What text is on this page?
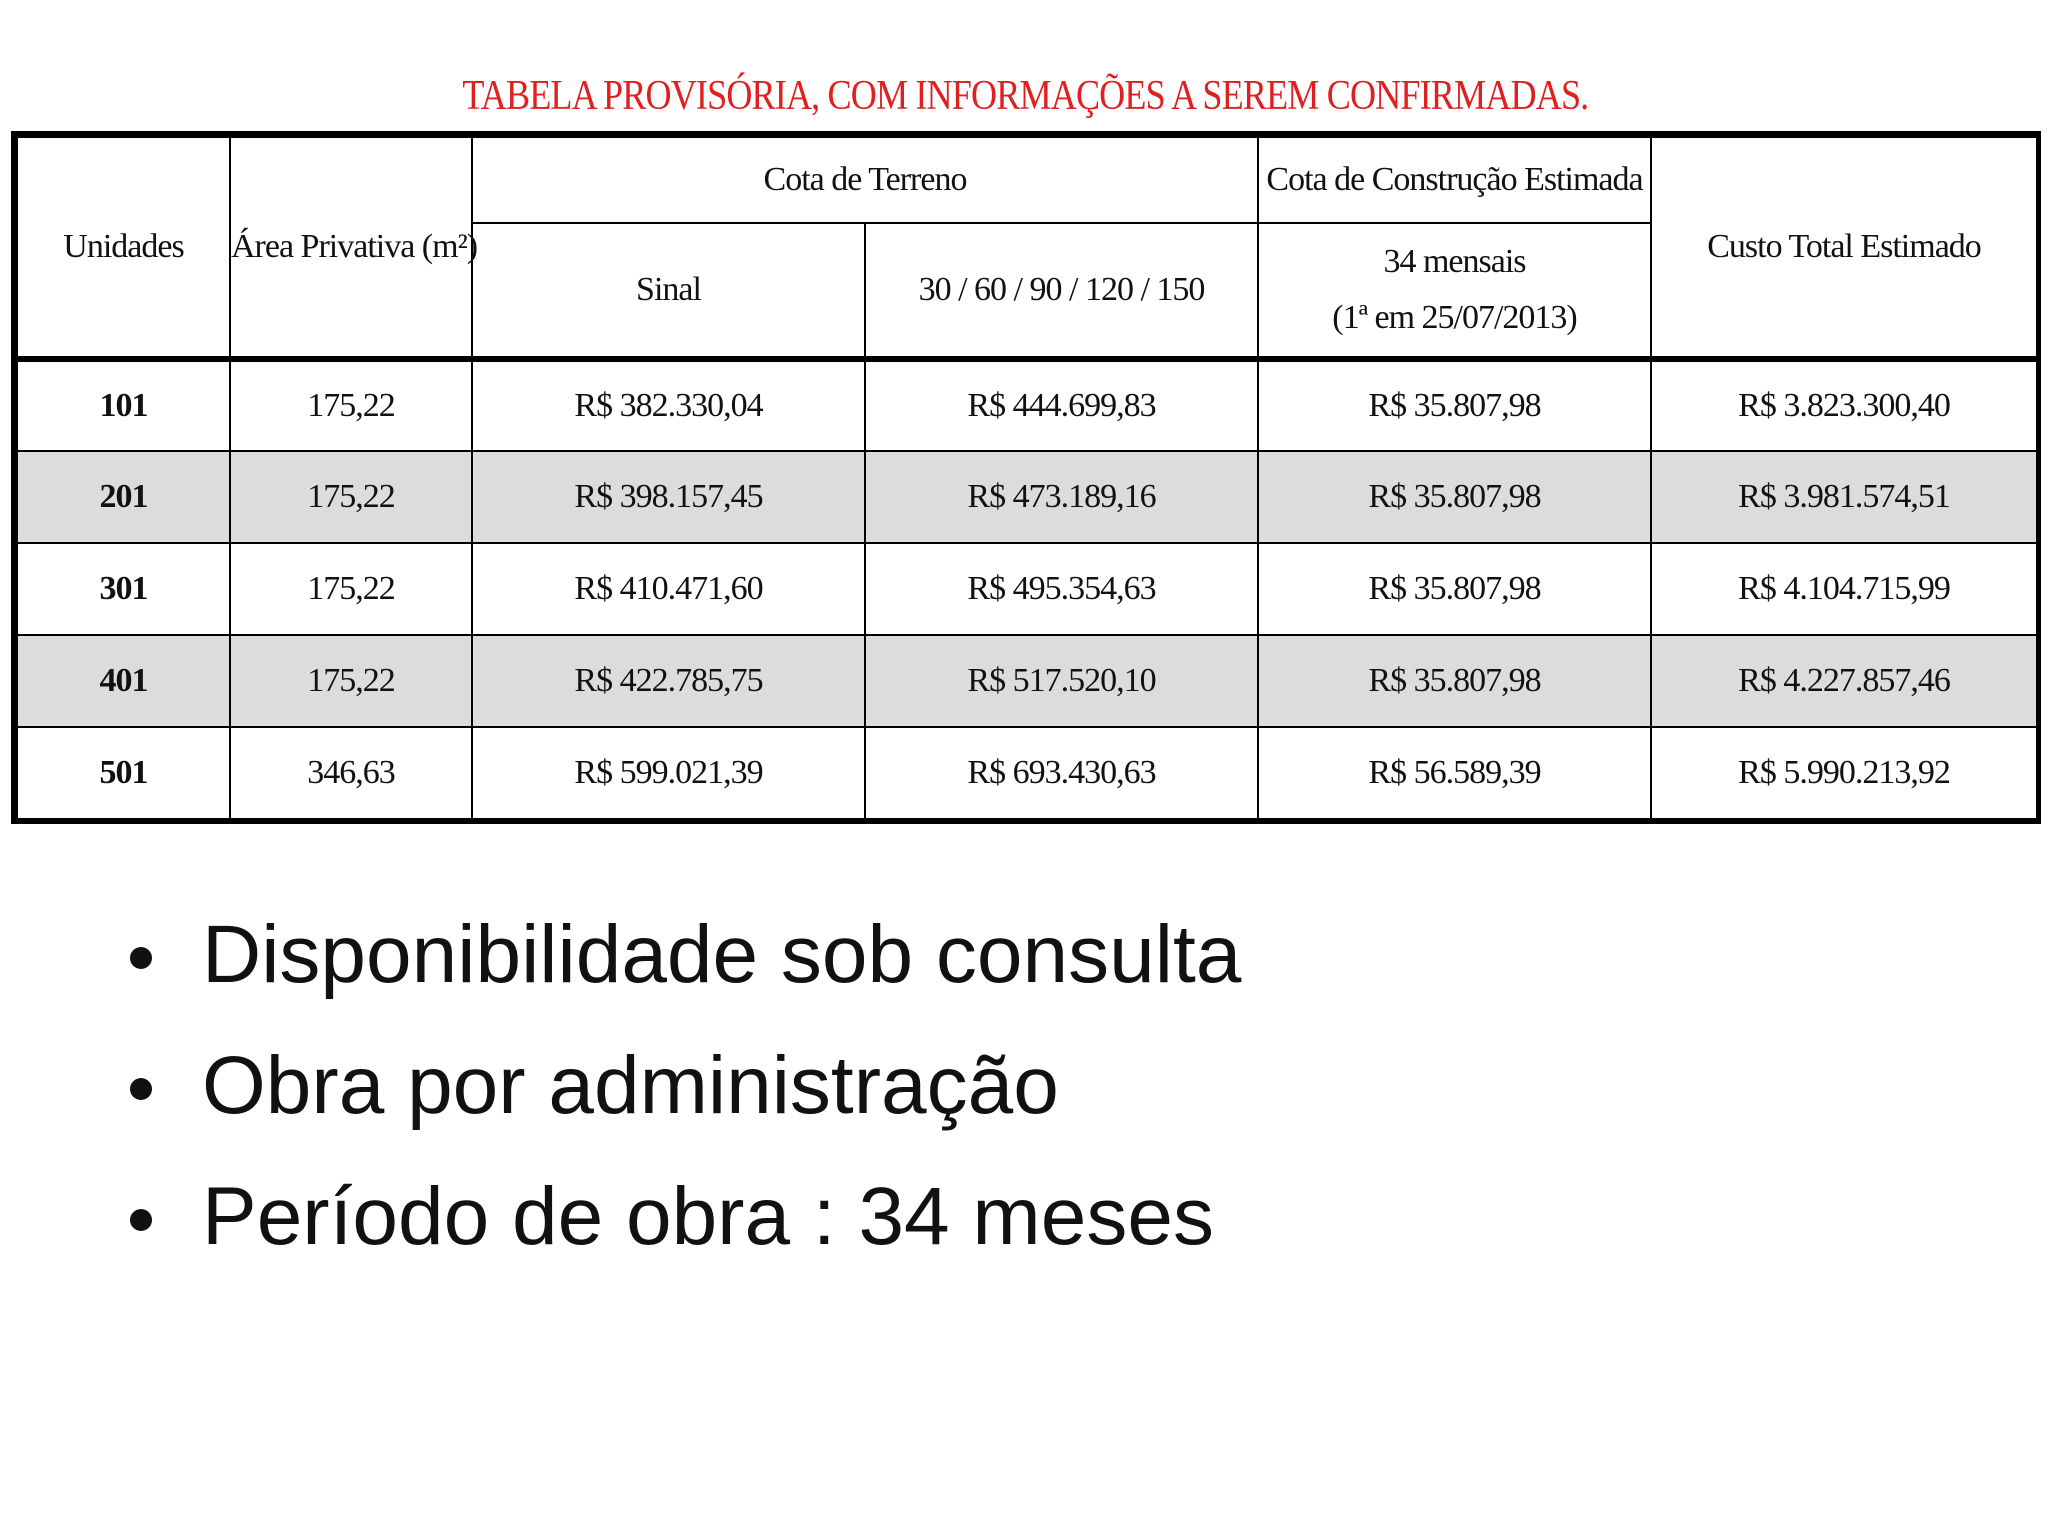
TABELA PROVISÓRIA, COM INFORMAÇÕES A SEREM CONFIRMADAS.
Unidades	Área Privativa (m²)	Cota de Terreno		Cota de Construção Estimada	Custo Total Estimado
		Sinal	30 / 60 / 90 / 120 / 150	34 mensais
(1ª em 25/07/2013)	

101	175,22	R$ 382.330,04	R$ 444.699,83	R$ 35.807,98	R$ 3.823.300,40
201	175,22	R$ 398.157,45	R$ 473.189,16	R$ 35.807,98	R$ 3.981.574,51
301	175,22	R$ 410.471,60	R$ 495.354,63	R$ 35.807,98	R$ 4.104.715,99
401	175,22	R$ 422.785,75	R$ 517.520,10	R$ 35.807,98	R$ 4.227.857,46
501	346,63	R$ 599.021,39	R$ 693.430,63	R$ 56.589,39	R$ 5.990.213,92
Disponibilidade sob consulta
Obra por administração
Período de obra : 34 meses
